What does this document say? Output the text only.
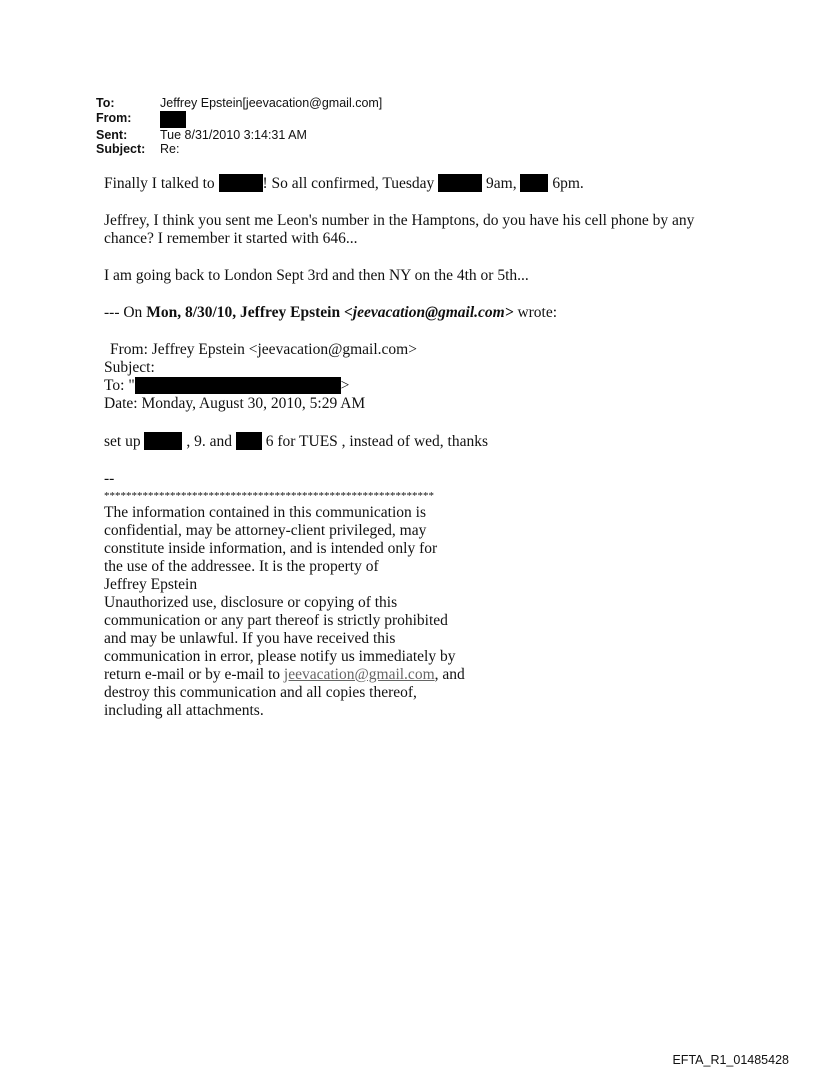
To:	Jeffrey Epstein[jeevacation@gmail.com]
From:
Sent:	Tue 8/31/2010 3:14:31 AM
Subject:	Re:

Finally I talked to	! So all confirmed, Tuesday	9am, 6pm.

Jeffrey, I think you sent me Leon's number in the Hamptons, do you have his cell phone by any chance? I remember it started with 646...

I am going back to London Sept 3rd and then NY on the 4th or 5th...

--- On Mon, 8/30/10, Jeffrey Epstein <jeevacation@gmail.com> wrote:

From: Jeffrey Epstein <jeevacation@gmail.com>
Subject:
To: "	>
Date: Monday, August 30, 2010, 5:29 AM

set up	, 9. and 6 for TUES , instead of wed, thanks

--
************************************************************
The information contained in this communication is
confidential, may be attorney-client privileged, may
constitute inside information, and is intended only for
the use of the addressee. It is the property of
Jeffrey Epstein
Unauthorized use, disclosure or copying of this
communication or any part thereof is strictly prohibited
and may be unlawful. If you have received this
communication in error, please notify us immediately by
return e-mail or by e-mail to jeevacation@gmail.com, and
destroy this communication and all copies thereof,
including all attachments.
EFTA_R1_01485428
